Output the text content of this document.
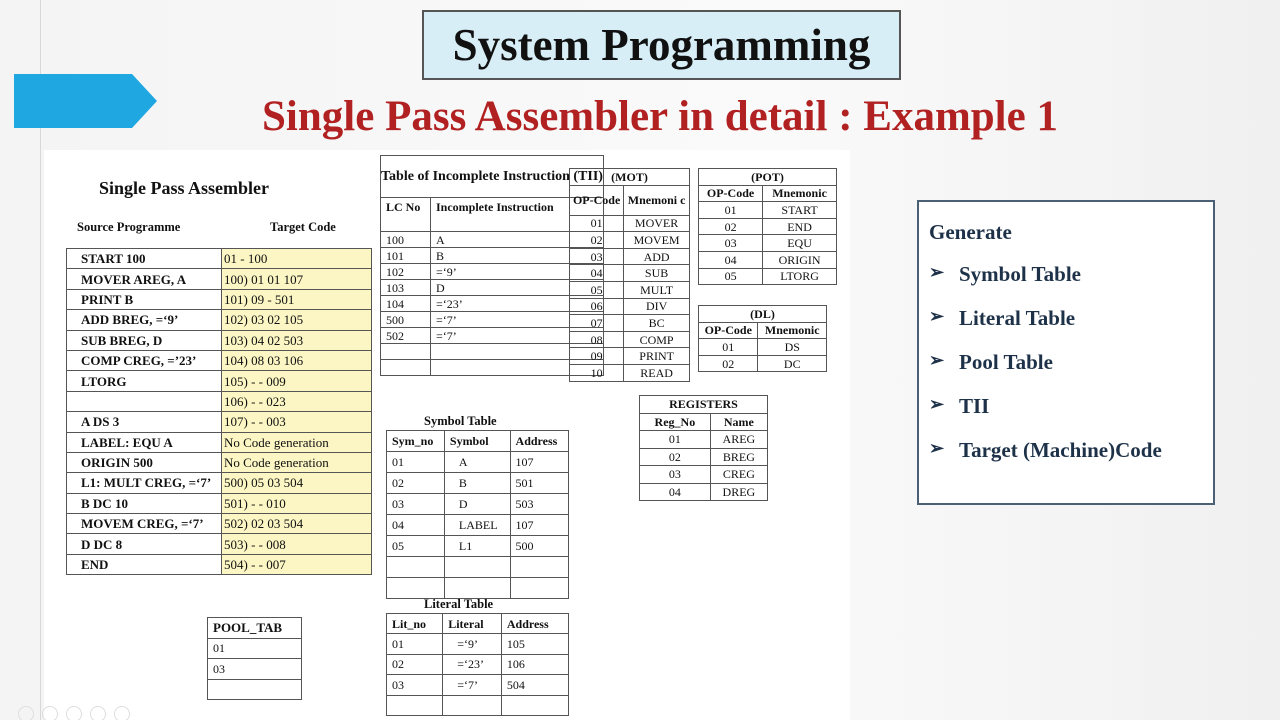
System Programming
Single Pass Assembler in detail : Example 1
Single Pass Assembler
Source Programme	Target Code
START 100	01 - 100
MOVER AREG, A	100) 01 01 107
PRINT B	101) 09 - 501
ADD BREG, =‘9’	102) 03 02 105
SUB BREG, D	103) 04 02 503
COMP CREG, =’23’	104) 08 03 106
LTORG	105) - - 009
	106) - - 023
A DS 3	107) - - 003
LABEL: EQU A	No Code generation
ORIGIN 500	No Code generation
L1: MULT CREG, =‘7’	500) 05 03 504
B DC 10	501) - - 010
MOVEM CREG, =‘7’	502) 02 03 504
D DC 8	503) - - 008
END	504) - - 007
Table of Incomplete Instruction (TII)	
LC No	Incomplete Instruction
100	A
101	B
102	=‘9’
103	D
104	=‘23’
500	=‘7’
502	=‘7’

(MOT)	
OP-Code	Mnemoni c
01	MOVER
02	MOVEM
03	ADD
04	SUB
05	MULT
06	DIV
07	BC
08	COMP
09	PRINT
10	READ
(POT)	
OP-Code	Mnemonic
01	START
02	END
03	EQU
04	ORIGIN
05	LTORG
(DL)	
OP-Code	Mnemonic
01	DS
02	DC
REGISTERS	
Reg_No	Name
01	AREG
02	BREG
03	CREG
04	DREG
Symbol Table
Sym_no	Symbol	Address
01	A	107
02	B	501
03	D	503
04	LABEL	107
05	L1	500

Literal Table
Lit_no	Literal	Address
01	=‘9’	105
02	=‘23’	106
03	=‘7’	504

POOL_TAB
01
03

Generate
➢ Symbol Table
➢ Literal Table
➢ Pool Table
➢ TII
➢ Target (Machine)Code
